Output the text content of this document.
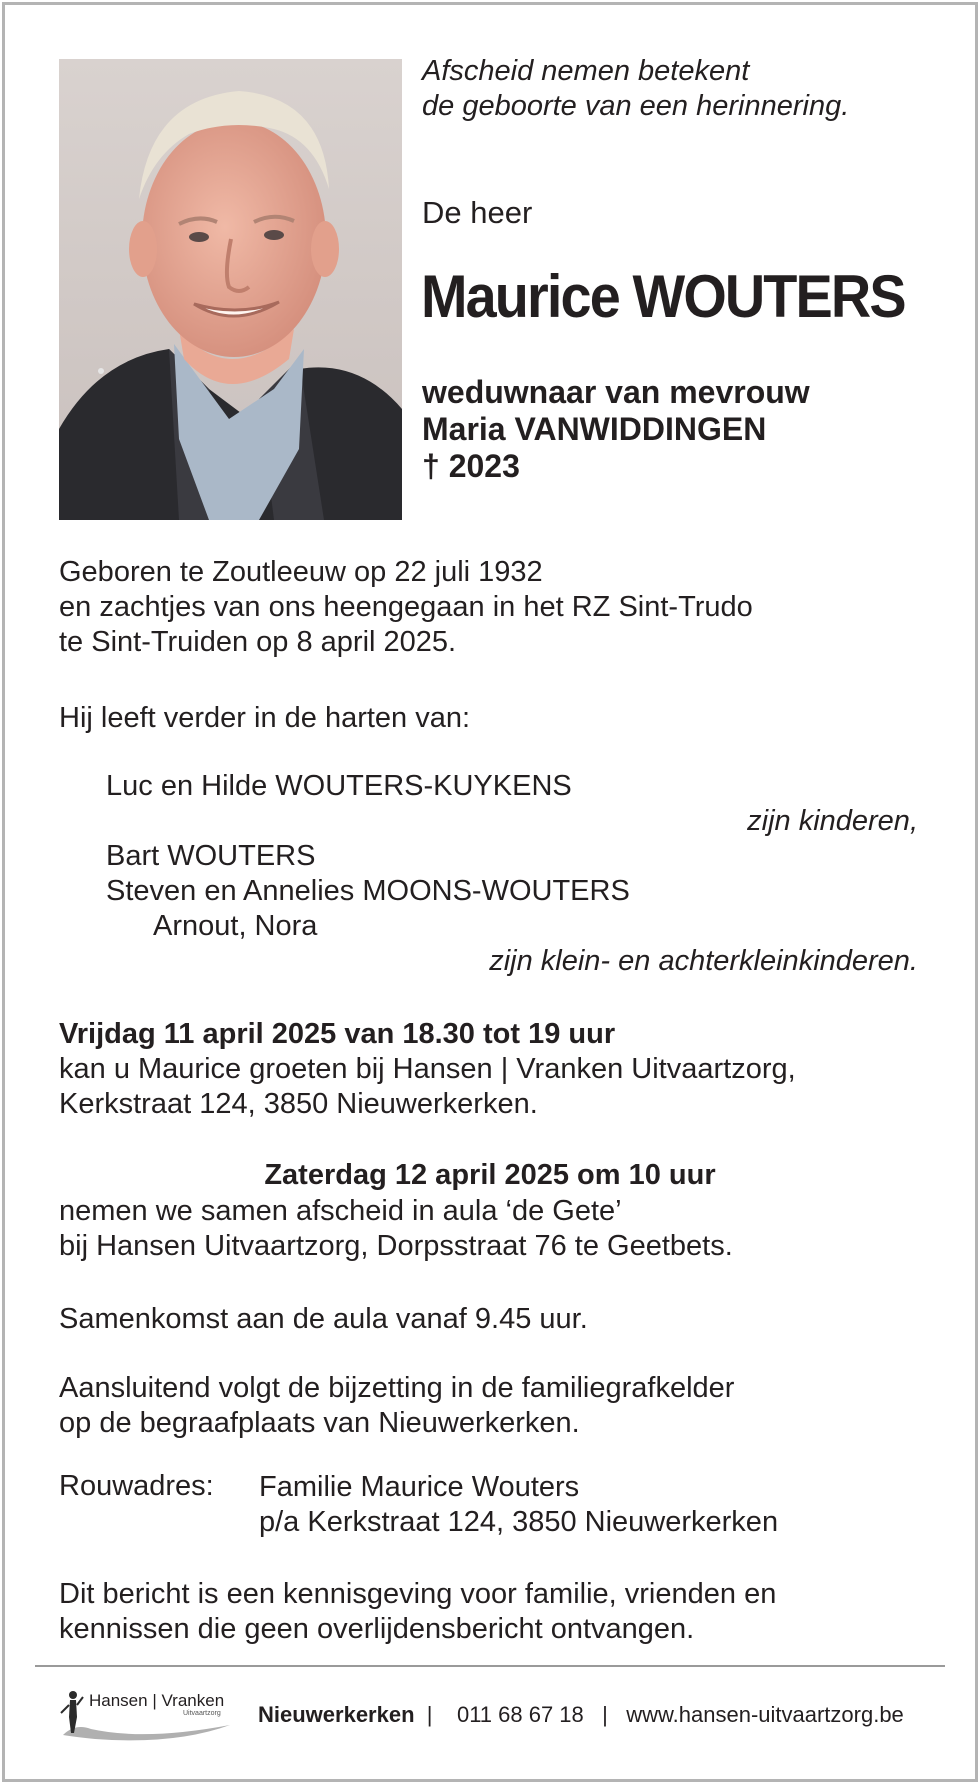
Afscheid nemen betekent
de geboorte van een herinnering.
De heer
Maurice WOUTERS
weduwnaar van mevrouw
Maria VANWIDDINGEN
† 2023
Geboren te Zoutleeuw op 22 juli 1932
en zachtjes van ons heengegaan in het RZ Sint-Trudo
te Sint-Truiden op 8 april 2025.
Hij leeft verder in de harten van:
Luc en Hilde WOUTERS-KUYKENS
zijn kinderen,
Bart WOUTERS
Steven en Annelies MOONS-WOUTERS
Arnout, Nora
zijn klein- en achterkleinkinderen.
Vrijdag 11 april 2025 van 18.30 tot 19 uur
kan u Maurice groeten bij Hansen | Vranken Uitvaartzorg,
Kerkstraat 124, 3850 Nieuwerkerken.
Zaterdag 12 april 2025 om 10 uur
nemen we samen afscheid in aula ‘de Gete’
bij Hansen Uitvaartzorg, Dorpsstraat 76 te Geetbets.
Samenkomst aan de aula vanaf 9.45 uur.
Aansluitend volgt de bijzetting in de familiegrafkelder
op de begraafplaats van Nieuwerkerken.
Rouwadres: Familie Maurice Wouters
p/a Kerkstraat 124, 3850 Nieuwerkerken
Dit bericht is een kennisgeving voor familie, vrienden en
kennissen die geen overlijdensbericht ontvangen.
Hansen | Vranken
Uitvaartzorg Nieuwerkerken  |    011 68 67 18   |   www.hansen-uitvaartzorg.be
